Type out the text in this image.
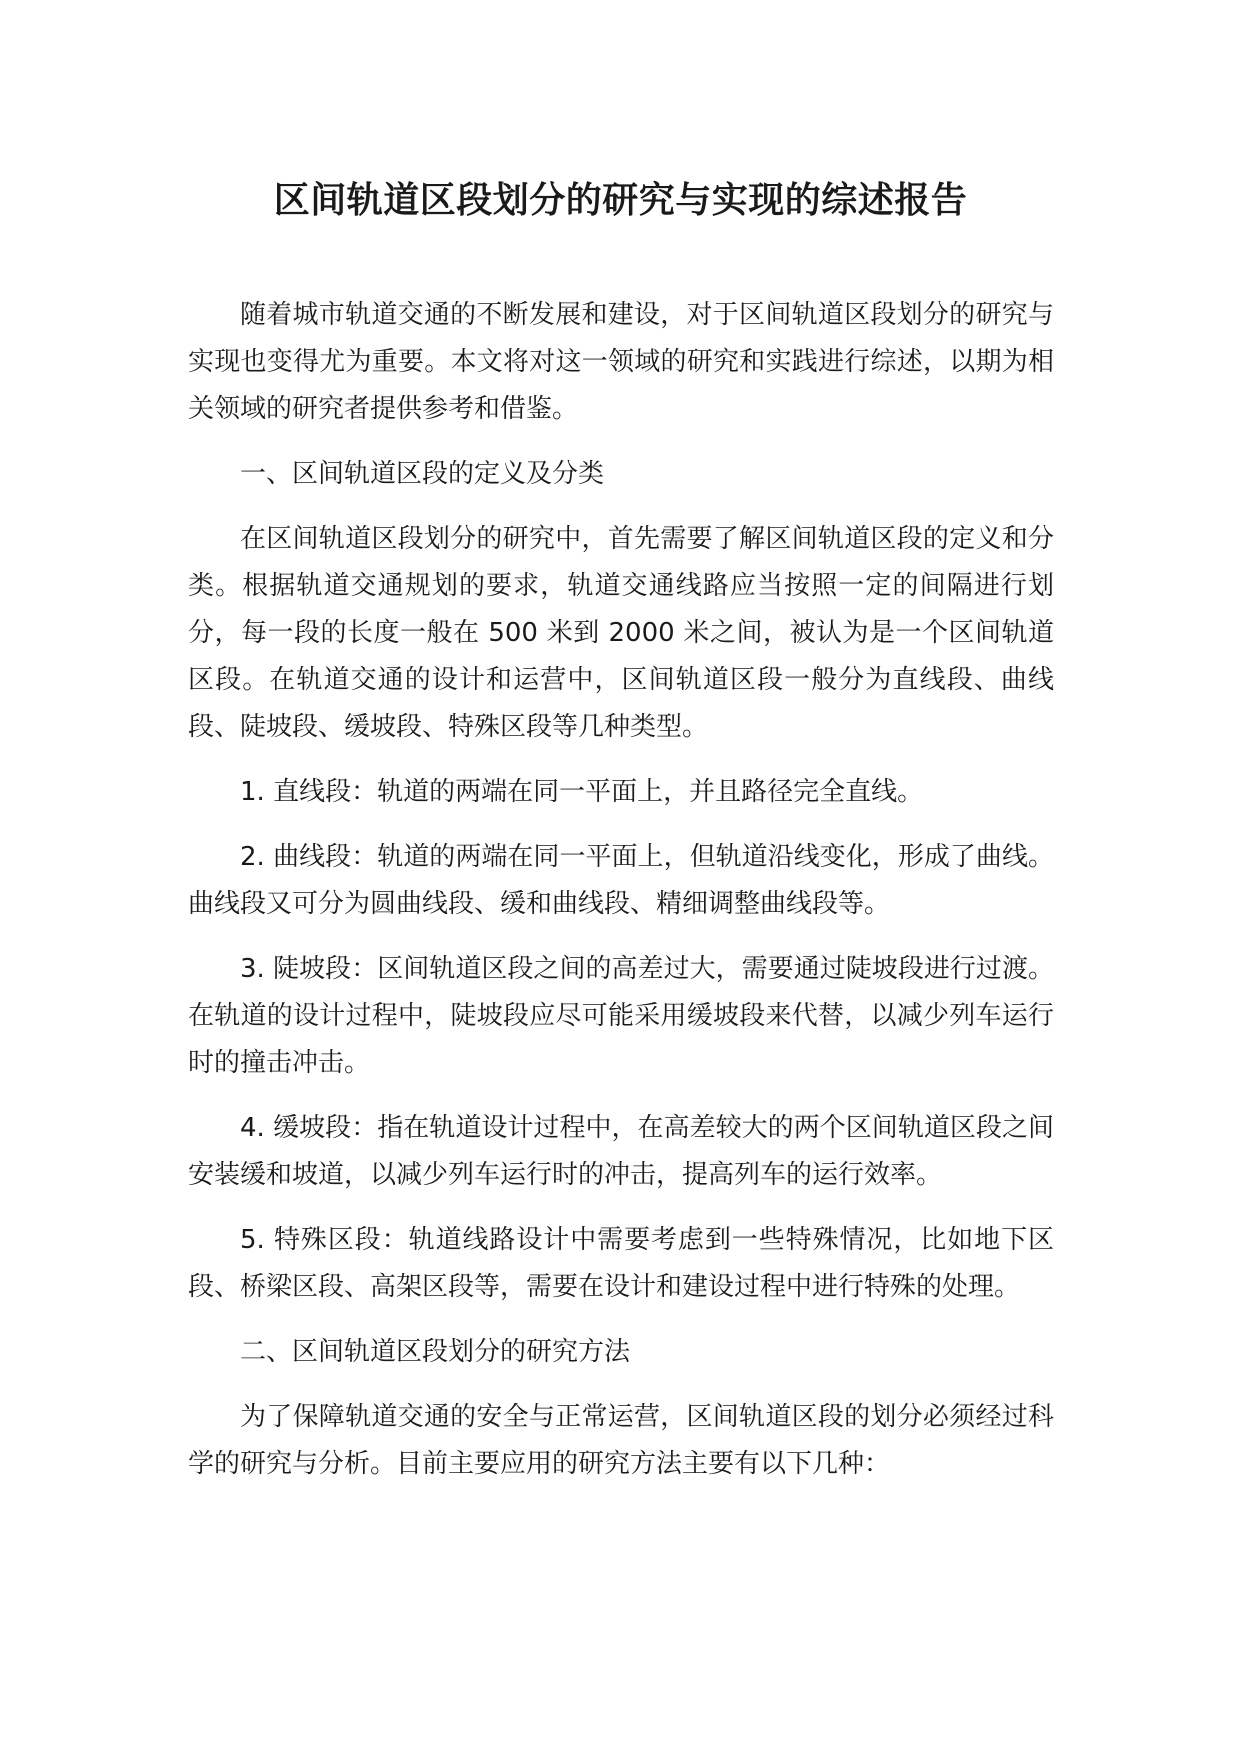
区间轨道区段划分的研究与实现的综述报告

随着城市轨道交通的不断发展和建设，对于区间轨道区段划分的研究与实现也变得尤为重要。本文将对这一领域的研究和实践进行综述，以期为相关领域的研究者提供参考和借鉴。

一、区间轨道区段的定义及分类

在区间轨道区段划分的研究中，首先需要了解区间轨道区段的定义和分类。根据轨道交通规划的要求，轨道交通线路应当按照一定的间隔进行划分，每一段的长度一般在 500 米到 2000 米之间，被认为是一个区间轨道区段。在轨道交通的设计和运营中，区间轨道区段一般分为直线段、曲线段、陡坡段、缓坡段、特殊区段等几种类型。

1. 直线段：轨道的两端在同一平面上，并且路径完全直线。

2. 曲线段：轨道的两端在同一平面上，但轨道沿线变化，形成了曲线。曲线段又可分为圆曲线段、缓和曲线段、精细调整曲线段等。

3. 陡坡段：区间轨道区段之间的高差过大，需要通过陡坡段进行过渡。在轨道的设计过程中，陡坡段应尽可能采用缓坡段来代替，以减少列车运行时的撞击冲击。

4. 缓坡段：指在轨道设计过程中，在高差较大的两个区间轨道区段之间安装缓和坡道，以减少列车运行时的冲击，提高列车的运行效率。

5. 特殊区段：轨道线路设计中需要考虑到一些特殊情况，比如地下区段、桥梁区段、高架区段等，需要在设计和建设过程中进行特殊的处理。

二、区间轨道区段划分的研究方法

为了保障轨道交通的安全与正常运营，区间轨道区段的划分必须经过科学的研究与分析。目前主要应用的研究方法主要有以下几种：
